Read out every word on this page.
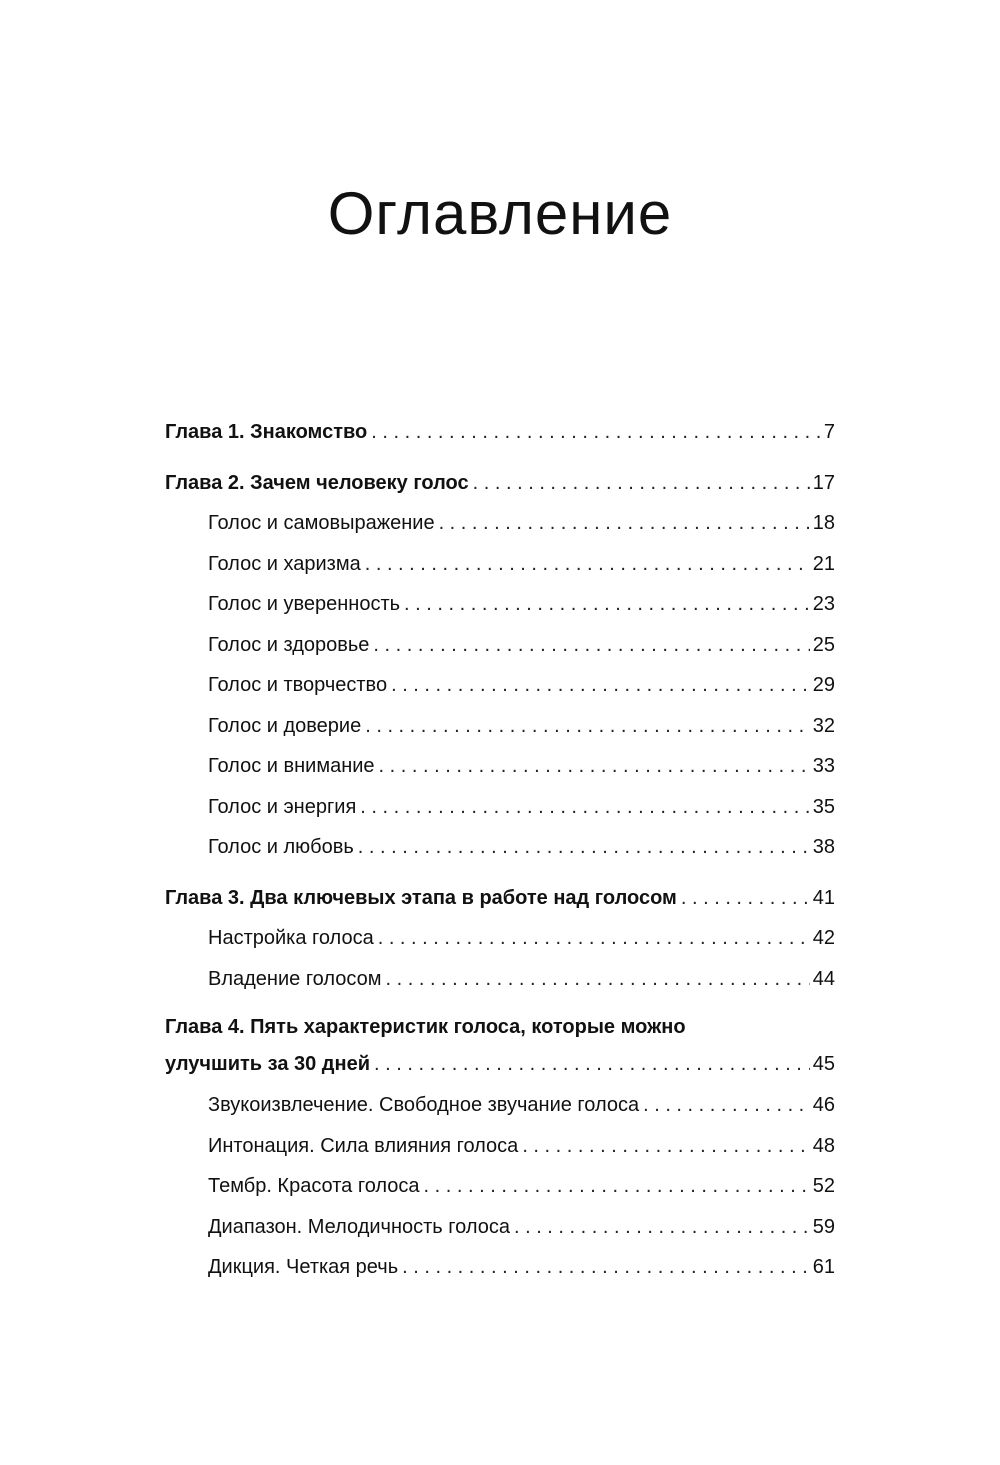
Оглавление
Глава 1. Знакомство . . .	7
Глава 2. Зачем человеку голос . . .	17
Голос и самовыражение . . .	18
Голос и харизма . . .	21
Голос и уверенность . . .	23
Голос и здоровье . . .	25
Голос и творчество . . .	29
Голос и доверие . . .	32
Голос и внимание . . .	33
Голос и энергия . . .	35
Голос и любовь . . .	38
Глава 3. Два ключевых этапа в работе над голосом . . .	41
Настройка голоса . . .	42
Владение голосом . . .	44
Глава 4. Пять характеристик голоса, которые можно
улучшить за 30 дней . . .	45
Звукоизвлечение. Свободное звучание голоса . . .	46
Интонация. Сила влияния голоса . . .	48
Тембр. Красота голоса . . .	52
Диапазон. Мелодичность голоса . . .	59
Дикция. Четкая речь . . .	61
